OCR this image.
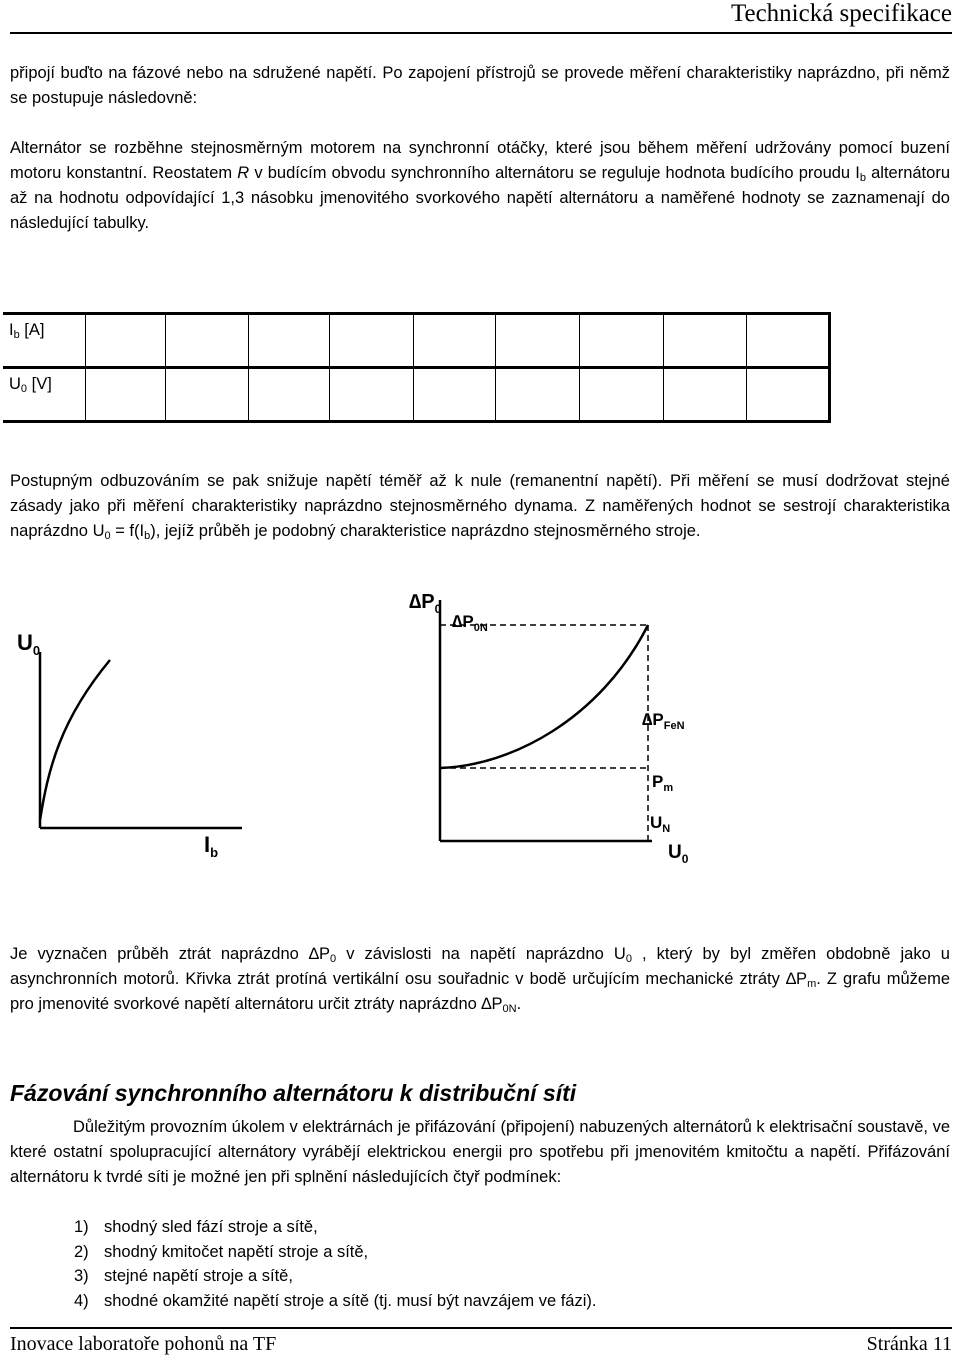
Technická specifikace
připojí buďto na fázové nebo na sdružené napětí. Po zapojení přístrojů se provede měření charakteristiky naprázdno, při němž se postupuje následovně:
Alternátor se rozběhne stejnosměrným motorem na synchronní otáčky, které jsou během měření udržovány pomocí buzení motoru konstantní. Reostatem R v budícím obvodu synchronního alternátoru se reguluje hodnota budícího proudu $I_b$ alternátoru až na hodnotu odpovídající 1,3 násobku jmenovitého svorkového napětí alternátoru a naměřené hodnoty se zaznamenají do následující tabulky.
$I_b$ [A]									
$U_0$ [V]									
Postupným odbuzováním se pak snižuje napětí téměř až k nule (remanentní napětí). Při měření se musí dodržovat stejné zásady jako při měření charakteristiky naprázdno stejnosměrného dynama. Z naměřených hodnot se sestrojí charakteristika naprázdno $U_0 = f(I_b)$, jejíž průběh je podobný charakteristice naprázdno stejnosměrného stroje.
$U_0$
$I_b$
$\Delta P_0$
$\Delta P_{0N}$
$\Delta P_{FeN}$
$P_m$
$U_N$
$U_0$
Je vyznačen průběh ztrát naprázdno $\Delta P_0$ v závislosti na napětí naprázdno $U_0$ , který by byl změřen obdobně jako u asynchronních motorů. Křivka ztrát protíná vertikální osu souřadnic v bodě určujícím mechanické ztráty $\Delta P_m$. Z grafu můžeme pro jmenovité svorkové napětí alternátoru určit ztráty naprázdno $\Delta P_{0N}$.
Fázování synchronního alternátoru k distribuční síti
Důležitým provozním úkolem v elektrárnách je přifázování (připojení) nabuzených alternátorů k elektrisační soustavě, ve které ostatní spolupracující alternátory vyrábějí elektrickou energii pro spotřebu při jmenovitém kmitočtu a napětí. Přifázování alternátoru k tvrdé síti je možné jen při splnění následujících čtyř podmínek:
1) shodný sled fází stroje a sítě,
2) shodný kmitočet napětí stroje a sítě,
3) stejné napětí stroje a sítě,
4) shodné okamžité napětí stroje a sítě (tj. musí být navzájem ve fázi).
Inovace laboratoře pohonů na TF	Stránka 11
